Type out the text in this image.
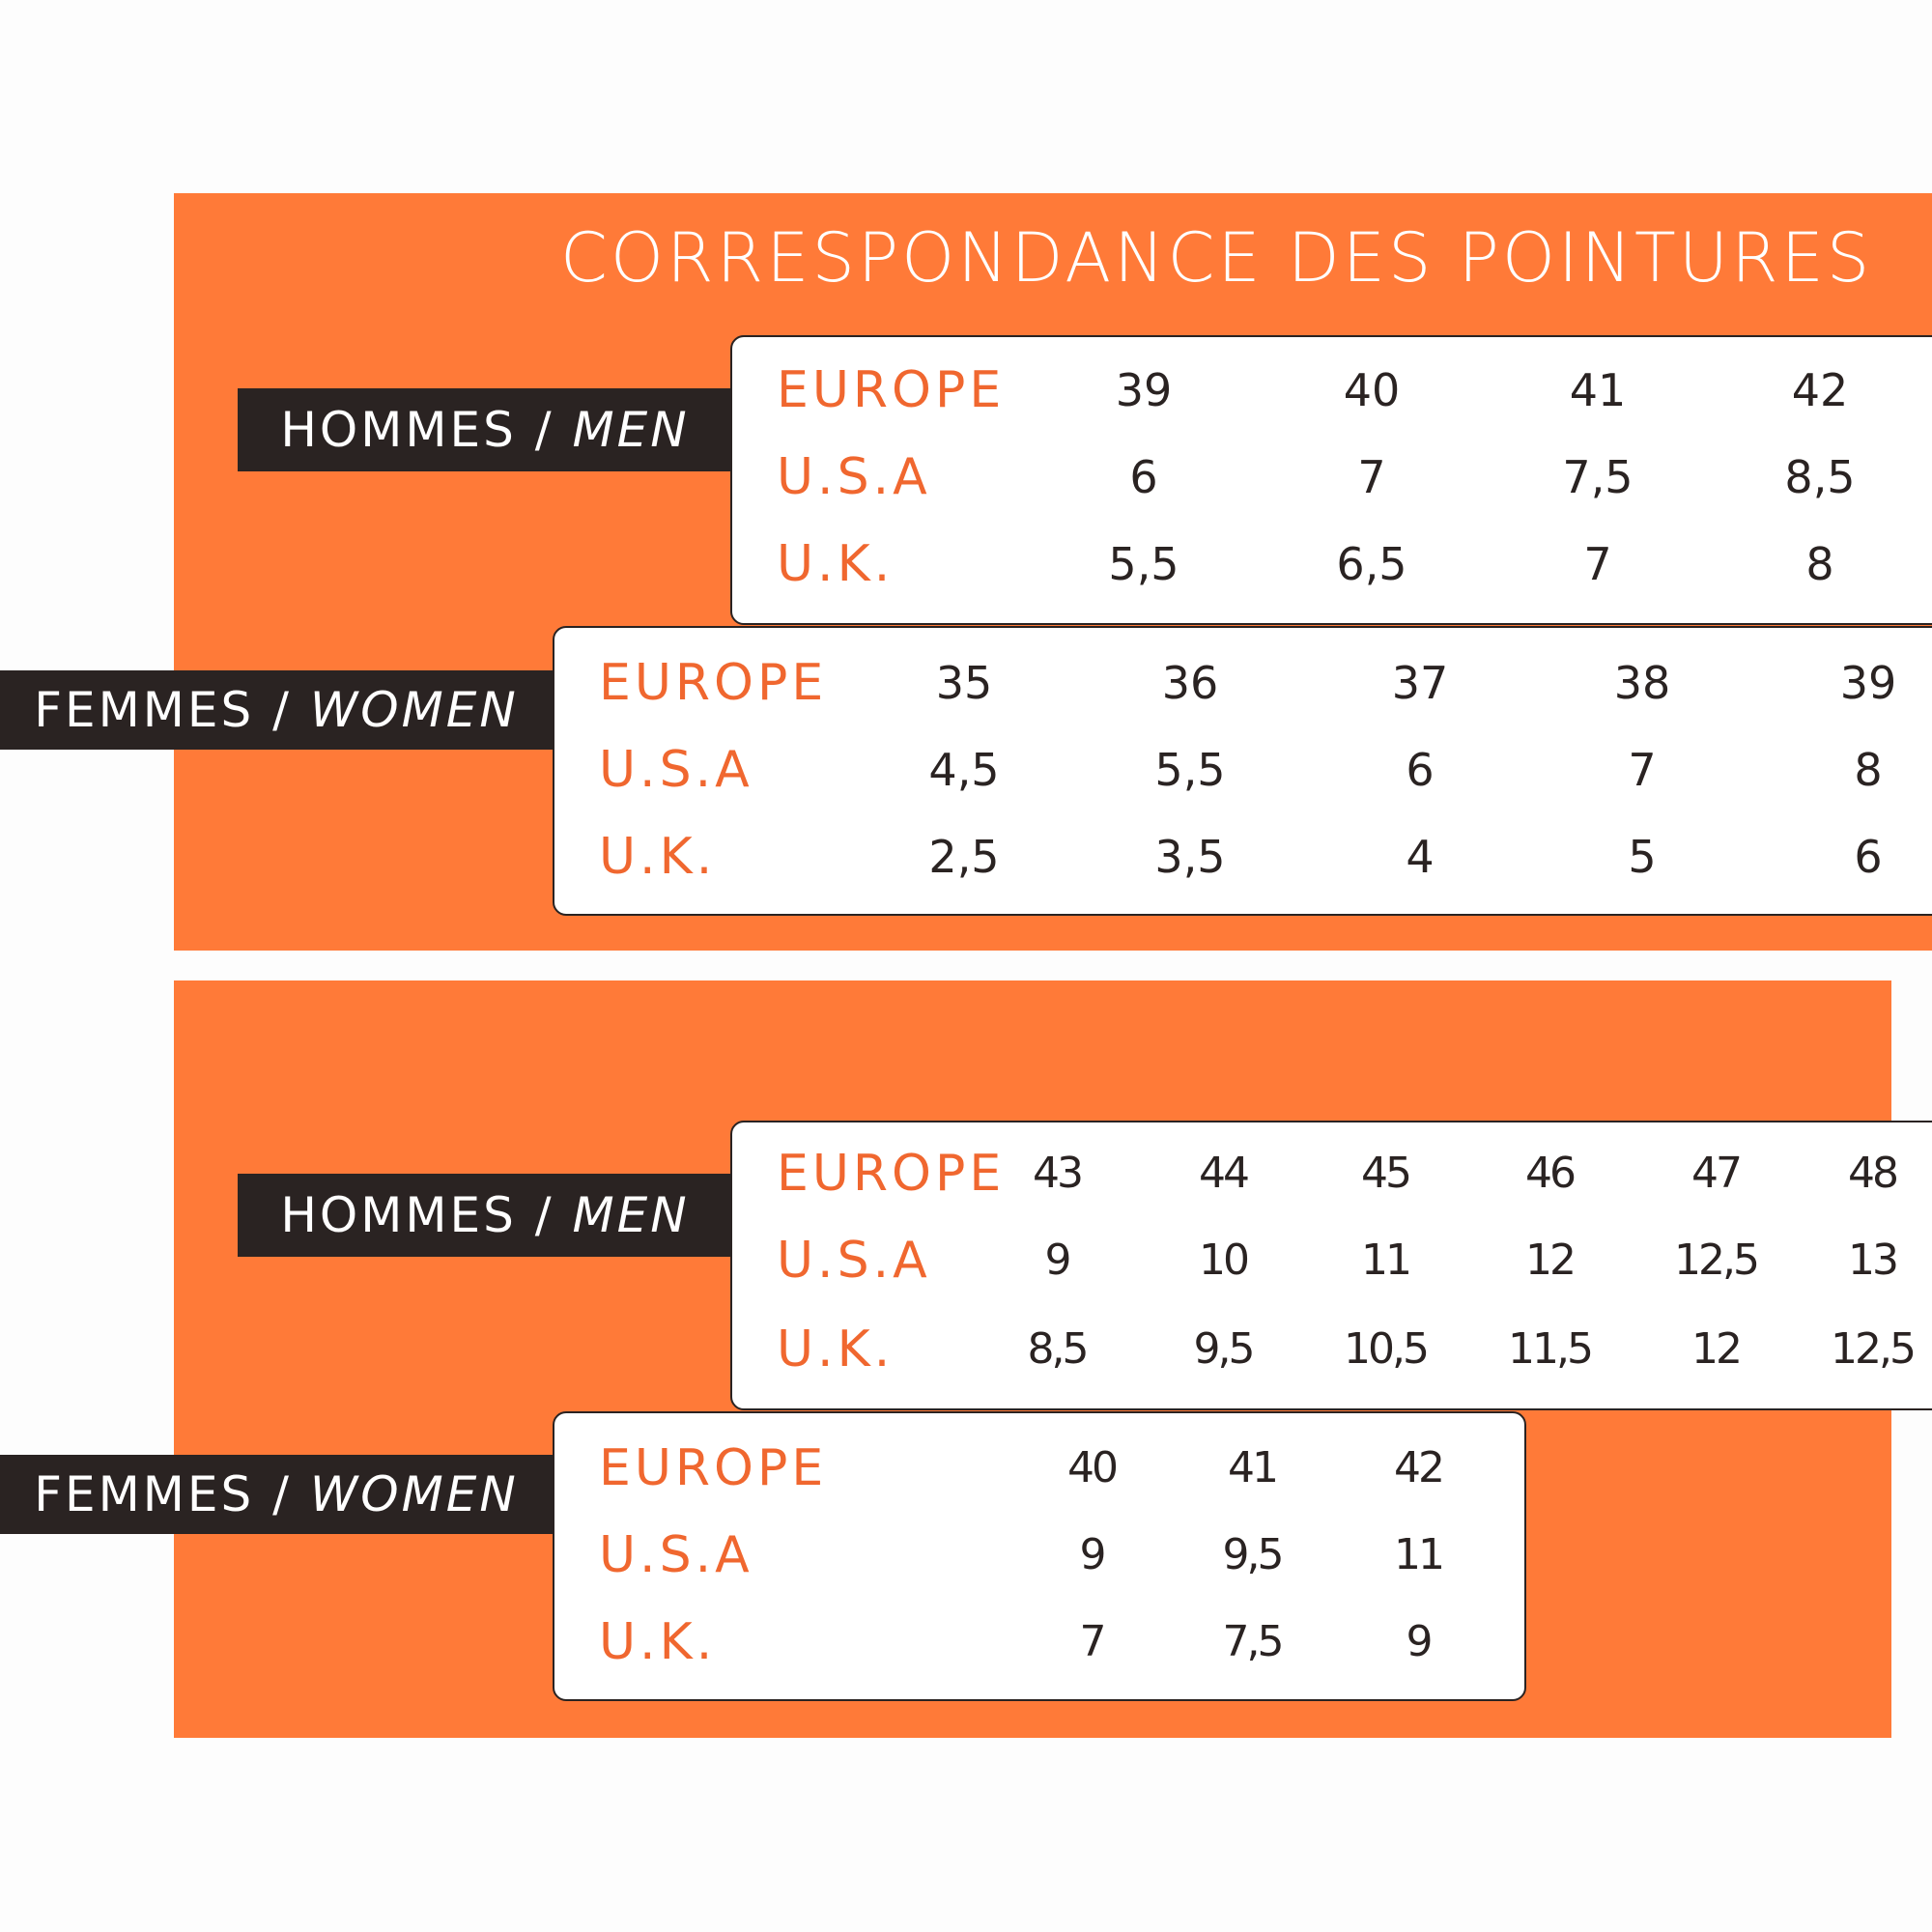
CORRESPONDANCE DES POINTURES
HOMMES /
MEN
EUROPE	39	40	41	42
U.S.A	6	7	7,5	8,5
U.K.	5,5	6,5	7	8
FEMMES /
WOMEN EUROPE	35	36	37	38	39
U.S.A	4,5	5,5	6	7	8
U.K.	2,5	3,5	4	5	6
HOMMES /
MEN
EUROPE 43	44	45	46	47	48
U.S.A	9	10	11	12	12,5	13
U.K.	8,5	9,5	10,5	11,5	12	12,5
FEMMES /
WOMEN EUROPE	40	41	42
U.S.A	9	9,5	11
U.K.	7	7,5	9
